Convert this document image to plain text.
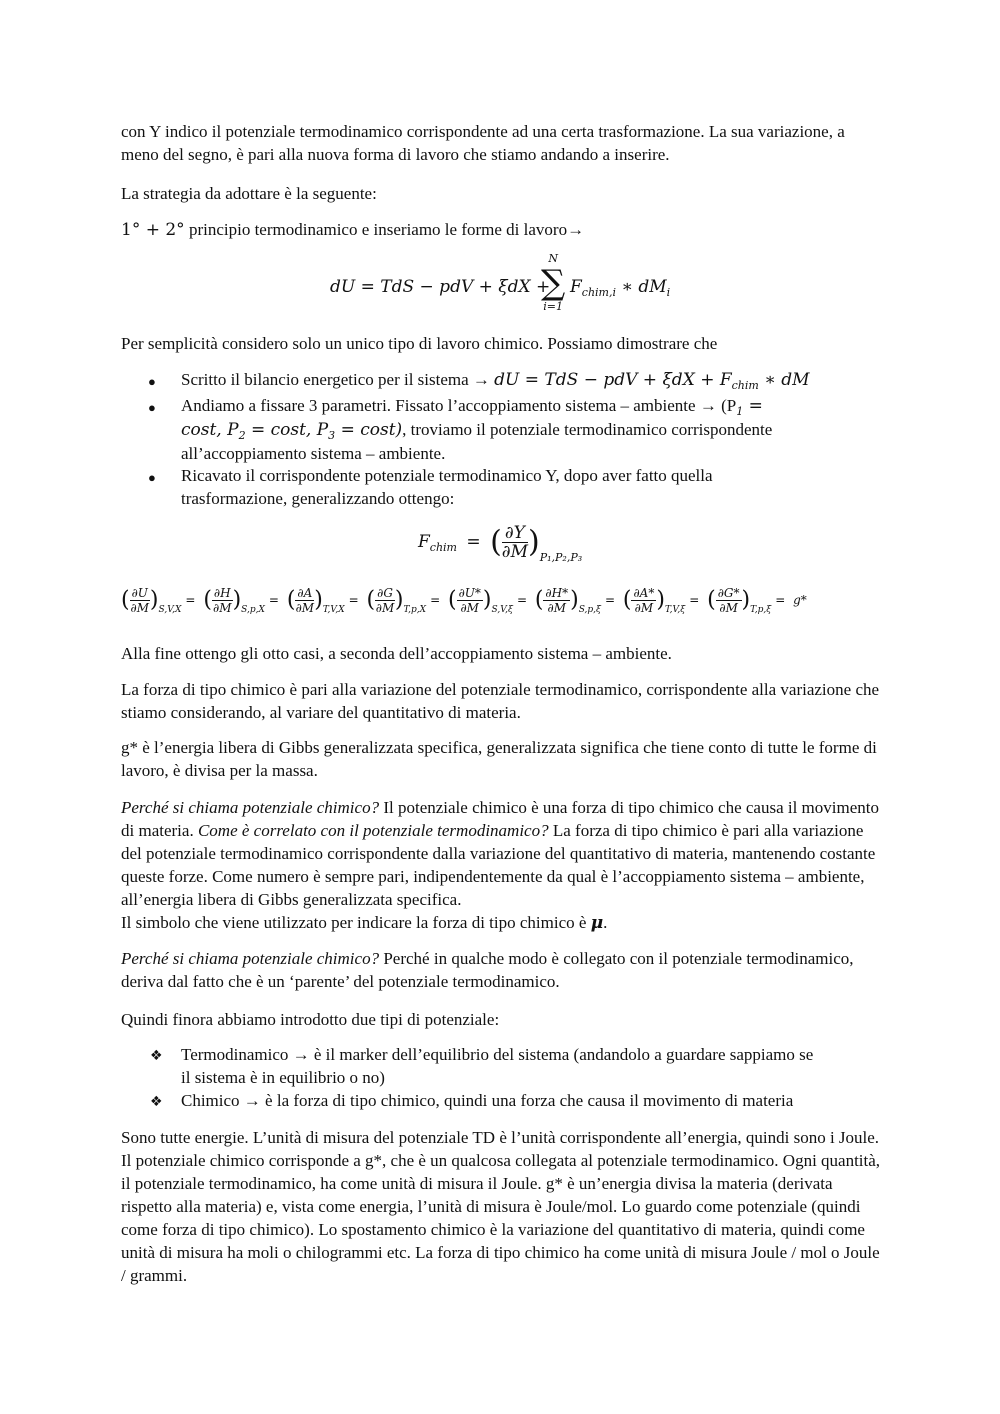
con Y indico il potenziale termodinamico corrispondente ad una certa trasformazione. La sua variazione, a meno del segno, è pari alla nuova forma di lavoro che stiamo andando a inserire.

La strategia da adottare è la seguente:

1° + 2° principio termodinamico e inseriamo le forme di lavoro→

dU = TdS − pdV + ξdX +
N
∑
i=1
$F_{chim,i}$ ∗ $dM_i$

Per semplicità considero solo un unico tipo di lavoro chimico. Possiamo dimostrare che

● Scritto il bilancio energetico per il sistema → dU = TdS − pdV + $\xi dX + F_{chim}$ ∗ dM

● Andiamo a fissare 3 parametri. Fissato l’accoppiamento sistema – ambiente → ($P_1$ =
cost, $P_2 = \cos t$, $P_3 = \cos t$), troviamo il potenziale termodinamico corrispondente
all’accoppiamento sistema – ambiente.
● Ricavato il corrispondente potenziale termodinamico Y, dopo aver fatto quella
trasformazione, generalizzando ottengo:
$F_{chim}$ = ( $\frac{\partial Y}{\partial M} )_{P_1,P_2,P_3}$
( $\frac{\partial U}{\partial M} )_{S,V,X}=$ ( $\frac{\partial H}{\partial M} )_{S,p,X}=$ ( $\frac{\partial A}{\partial M} )_{T,V,X}=$ ( $\frac{\partial G}{\partial M} )_{T,p,X}=$ ( $\frac{\partial U*}{\partial M} )_{S,V,\xi}=$ ( $\frac{\partial H*}{\partial M} )_{S,p,\xi}=$ ( $\frac{\partial A*}{\partial M} )_{T,V,\xi}=$ ( $\frac{\partial G*}{\partial M} )_{T,p,\xi}= g*$

Alla fine ottengo gli otto casi, a seconda dell’accoppiamento sistema – ambiente.

La forza di tipo chimico è pari alla variazione del potenziale termodinamico, corrispondente alla variazione che stiamo considerando, al variare del quantitativo di materia.

g* è l’energia libera di Gibbs generalizzata specifica, generalizzata significa che tiene conto di tutte le forme di lavoro, è divisa per la massa.

Perché si chiama potenziale chimico? Il potenziale chimico è una forza di tipo chimico che causa il movimento di materia. Come è correlato con il potenziale termodinamico? La forza di tipo chimico è pari alla variazione del potenziale termodinamico corrispondente dalla variazione del quantitativo di materia, mantenendo costante queste forze. Come numero è sempre pari, indipendentemente da qual è l’accoppiamento sistema – ambiente, all’energia libera di Gibbs generalizzata specifica.
Il simbolo che viene utilizzato per indicare la forza di tipo chimico è μ.

Perché si chiama potenziale chimico? Perché in qualche modo è collegato con il potenziale termodinamico, deriva dal fatto che è un ‘parente’ del potenziale termodinamico.

Quindi finora abbiamo introdotto due tipi di potenziale:

❖ Termodinamico → è il marker dell’equilibrio del sistema (andandolo a guardare sappiamo se
il sistema è in equilibrio o no)
❖ Chimico → è la forza di tipo chimico, quindi una forza che causa il movimento di materia

Sono tutte energie. L’unità di misura del potenziale TD è l’unità corrispondente all’energia, quindi sono i Joule. Il potenziale chimico corrisponde a g*, che è un qualcosa collegata al potenziale termodinamico. Ogni quantità, il potenziale termodinamico, ha come unità di misura il Joule. g* è un’energia divisa la materia (derivata rispetto alla materia) e, vista come energia, l’unità di misura è Joule/mol. Lo guardo come potenziale (quindi come forza di tipo chimico). Lo spostamento chimico è la variazione del quantitativo di materia, quindi come unità di misura ha moli o chilogrammi etc. La forza di tipo chimico ha come unità di misura Joule / mol o Joule / grammi.
